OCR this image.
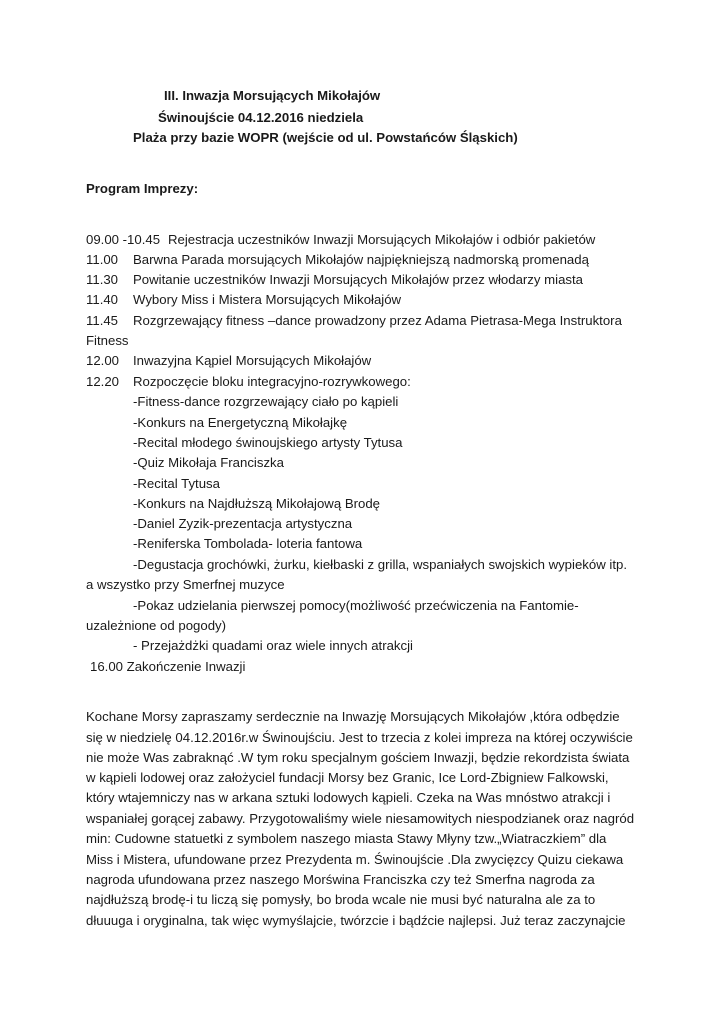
III. Inwazja Morsujących Mikołajów
Świnoujście 04.12.2016 niedziela
Plaża przy bazie WOPR (wejście od ul. Powstańców Śląskich)
Program Imprezy:
09.00 -10.45 Rejestracja uczestników Inwazji Morsujących Mikołajów i odbiór pakietów
11.00 Barwna Parada morsujących Mikołajów najpiękniejszą nadmorską promenadą
11.30 Powitanie uczestników Inwazji Morsujących Mikołajów przez włodarzy miasta
11.40 Wybory Miss i Mistera Morsujących Mikołajów
11.45 Rozgrzewający fitness –dance prowadzony przez Adama Pietrasa-Mega Instruktora
Fitness
12.00 Inwazyjna Kąpiel Morsujących Mikołajów
12.20 Rozpoczęcie bloku integracyjno-rozrywkowego:
-Fitness-dance rozgrzewający ciało po kąpieli
-Konkurs na Energetyczną Mikołajkę
-Recital młodego świnoujskiego artysty Tytusa
-Quiz Mikołaja Franciszka
-Recital Tytusa
-Konkurs na Najdłuższą Mikołajową Brodę
-Daniel Zyzik-prezentacja artystyczna
-Reniferska Tombolada- loteria fantowa
-Degustacja grochówki, żurku, kiełbaski z grilla, wspaniałych swojskich wypieków itp.
a wszystko przy Smerfnej muzyce
-Pokaz udzielania pierwszej pomocy(możliwość przećwiczenia na Fantomie-
uzależnione od pogody)
- Przejażdżki quadami oraz wiele innych atrakcji
16.00 Zakończenie Inwazji
Kochane Morsy zapraszamy serdecznie na Inwazję Morsujących Mikołajów ,która odbędzie
się w niedzielę 04.12.2016r.w Świnoujściu. Jest to trzecia z kolei impreza na której oczywiście
nie może Was zabraknąć .W tym roku specjalnym gościem Inwazji, będzie rekordzista świata
w kąpieli lodowej oraz założyciel fundacji Morsy bez Granic, Ice Lord-Zbigniew Falkowski,
który wtajemniczy nas w arkana sztuki lodowych kąpieli. Czeka na Was mnóstwo atrakcji i
wspaniałej gorącej zabawy. Przygotowaliśmy wiele niesamowitych niespodzianek oraz nagród
min: Cudowne statuetki z symbolem naszego miasta Stawy Młyny tzw.„Wiatraczkiem” dla
Miss i Mistera, ufundowane przez Prezydenta m. Świnoujście .Dla zwycięzcy Quizu ciekawa
nagroda ufundowana przez naszego Morświna Franciszka czy też Smerfna nagroda za
najdłuższą brodę-i tu liczą się pomysły, bo broda wcale nie musi być naturalna ale za to
dłuuuga i oryginalna, tak więc wymyślajcie, twórzcie i bądźcie najlepsi. Już teraz zaczynajcie
